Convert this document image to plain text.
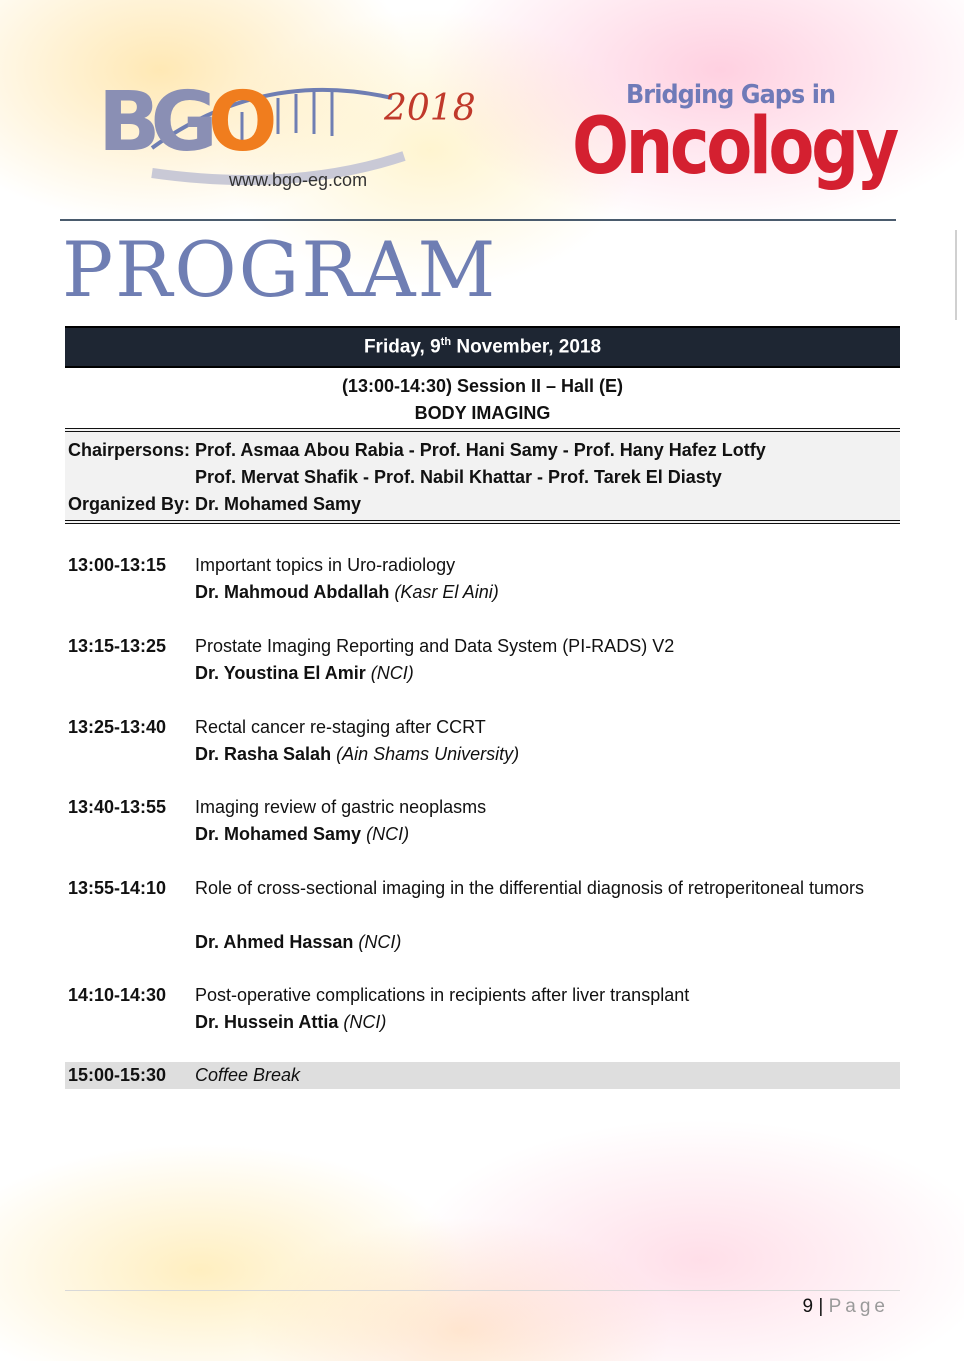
BGO	2018
www.bgo-eg.com
Bridging Gaps in
Oncology
PROGRAM
Friday, 9th November, 2018
(13:00-14:30) Session II – Hall (E)
BODY IMAGING
Chairpersons: Prof. Asmaa Abou Rabia - Prof. Hani Samy - Prof. Hany Hafez Lotfy
Prof. Mervat Shafik - Prof. Nabil Khattar - Prof. Tarek El Diasty
Organized By: Dr. Mohamed Samy
13:00-13:15 Important topics in Uro-radiology
Dr. Mahmoud Abdallah (Kasr El Aini)
13:15-13:25 Prostate Imaging Reporting and Data System (PI-RADS) V2
Dr. Youstina El Amir (NCI)
13:25-13:40 Rectal cancer re-staging after CCRT
Dr. Rasha Salah (Ain Shams University)
13:40-13:55 Imaging review of gastric neoplasms
Dr. Mohamed Samy (NCI)
13:55-14:10 Role of cross-sectional imaging in the differential diagnosis of retroperitoneal tumors
Dr. Ahmed Hassan (NCI)
14:10-14:30 Post-operative complications in recipients after liver transplant
Dr. Hussein Attia (NCI)
15:00-15:30 Coffee Break
9 | Page
